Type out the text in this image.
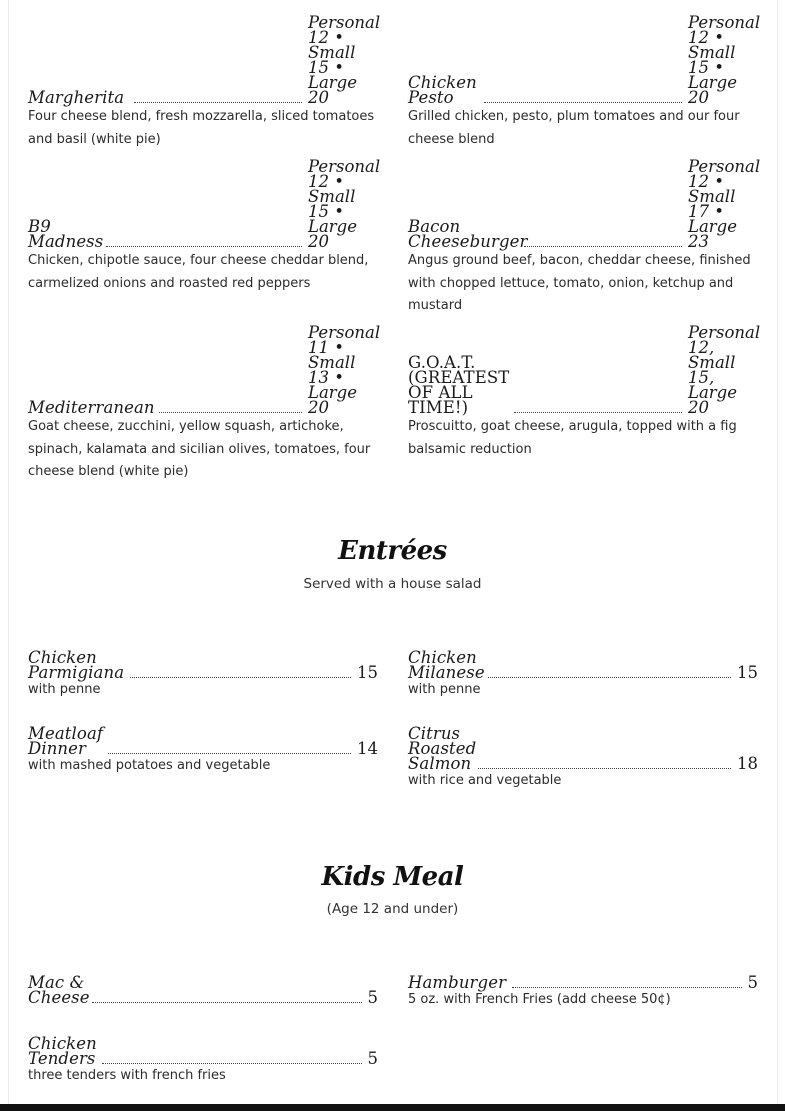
Margherita
Personal 12 • Small 15 • Large 20
Four cheese blend, fresh mozzarella, sliced tomatoes and basil (white pie)
Chicken Pesto
Personal 12 • Small 15 • Large 20
Grilled chicken, pesto, plum tomatoes and our four cheese blend
B9 Madness
Personal 12 • Small 15 • Large 20
Chicken, chipotle sauce, four cheese cheddar blend, carmelized onions and roasted red peppers
Bacon Cheeseburger
Personal 12 • Small 17 • Large 23
Angus ground beef, bacon, cheddar cheese, finished with chopped lettuce, tomato, onion, ketchup and mustard
Mediterranean
Personal 11 • Small 13 • Large 20
Goat cheese, zucchini, yellow squash, artichoke, spinach, kalamata and sicilian olives, tomatoes, four cheese blend (white pie)
G.O.A.T. (GREATEST OF ALL TIME!)
Personal 12, Small 15, Large 20
Proscuitto, goat cheese, arugula, topped with a fig balsamic reduction
Entrées
Served with a house salad
Chicken Parmigiana	15
with penne
Chicken Milanese	15
with penne
Meatloaf Dinner	14
with mashed potatoes and vegetable
Citrus Roasted Salmon	18
with rice and vegetable
Kids Meal
(Age 12 and under)
Mac & Cheese	5
Hamburger	5
5 oz. with French Fries (add cheese 50¢)
Chicken Tenders	5
three tenders with french fries
